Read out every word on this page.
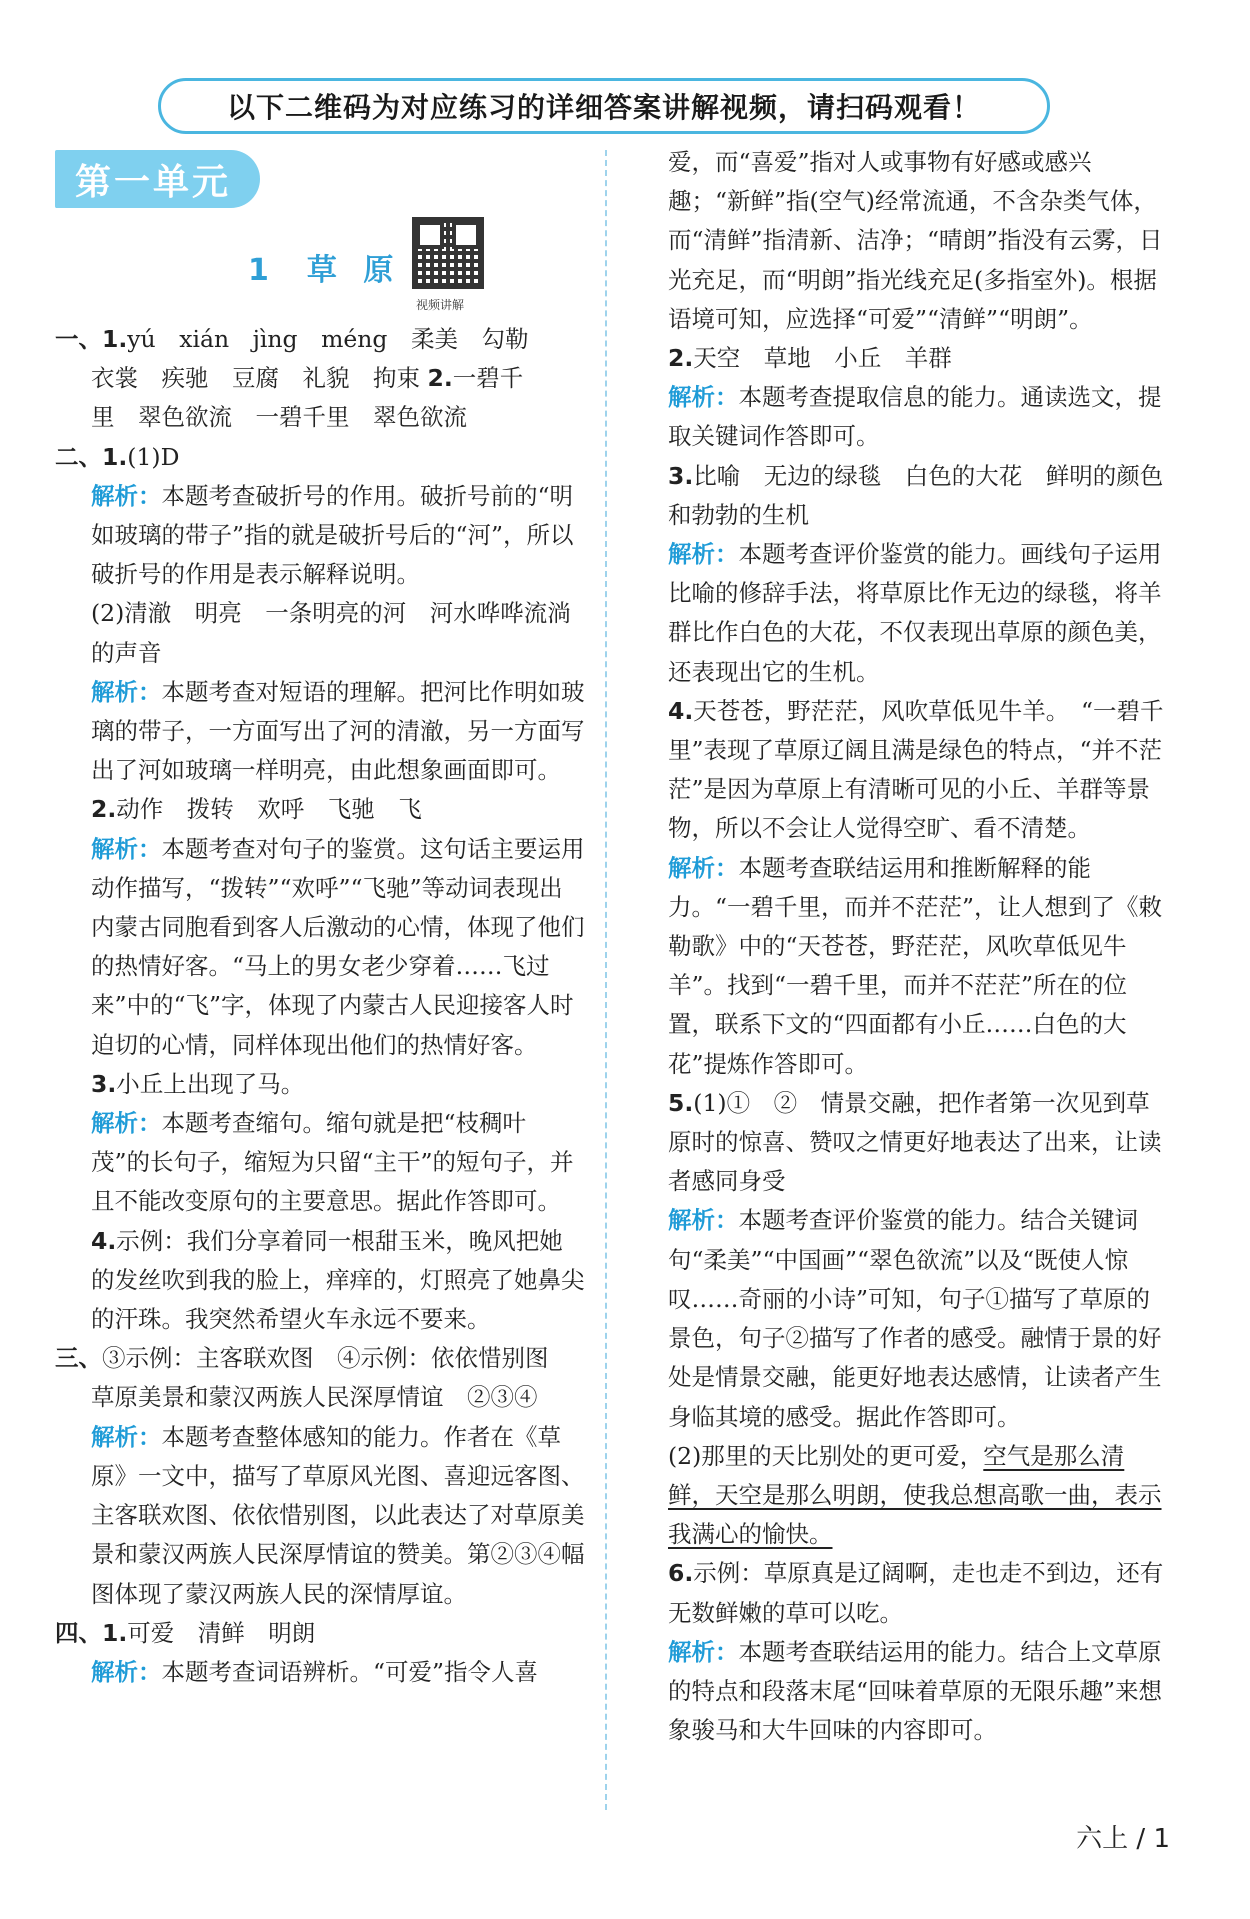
以下二维码为对应练习的详细答案讲解视频，请扫码观看！
第一单元
1 草 原
视频讲解
一、1.yú　xián　jìng　méng　柔美　勾勒
衣裳　疾驰　豆腐　礼貌　拘束 2.一碧千
里　翠色欲流　一碧千里　翠色欲流
二、1.(1)D
解析：本题考查破折号的作用。破折号前的“明如玻璃的带子”指的就是破折号后的“河”，所以破折号的作用是表示解释说明。
(2)清澈　明亮　一条明亮的河　河水哗哗流淌的声音
解析：本题考查对短语的理解。把河比作明如玻璃的带子，一方面写出了河的清澈，另一方面写出了河如玻璃一样明亮，由此想象画面即可。
2.动作　拨转　欢呼　飞驰　飞
解析：本题考查对句子的鉴赏。这句话主要运用动作描写，“拨转”“欢呼”“飞驰”等动词表现出内蒙古同胞看到客人后激动的心情，体现了他们的热情好客。“马上的男女老少穿着……飞过来”中的“飞”字，体现了内蒙古人民迎接客人时迫切的心情，同样体现出他们的热情好客。
3.小丘上出现了马。
解析：本题考查缩句。缩句就是把“枝稠叶茂”的长句子，缩短为只留“主干”的短句子，并且不能改变原句的主要意思。据此作答即可。
4.示例：我们分享着同一根甜玉米，晚风把她的发丝吹到我的脸上，痒痒的，灯照亮了她鼻尖的汗珠。我突然希望火车永远不要来。
三、③示例：主客联欢图　④示例：依依惜别图
草原美景和蒙汉两族人民深厚情谊　②③④
解析：本题考查整体感知的能力。作者在《草原》一文中，描写了草原风光图、喜迎远客图、主客联欢图、依依惜别图，以此表达了对草原美景和蒙汉两族人民深厚情谊的赞美。第②③④幅图体现了蒙汉两族人民的深情厚谊。
四、1.可爱　清鲜　明朗
解析：本题考查词语辨析。“可爱”指令人喜
爱，而“喜爱”指对人或事物有好感或感兴趣；“新鲜”指(空气)经常流通，不含杂类气体，而“清鲜”指清新、洁净；“晴朗”指没有云雾，日光充足，而“明朗”指光线充足(多指室外)。根据语境可知，应选择“可爱”“清鲜”“明朗”。
2.天空　草地　小丘　羊群
解析：本题考查提取信息的能力。通读选文，提取关键词作答即可。
3.比喻　无边的绿毯　白色的大花　鲜明的颜色和勃勃的生机
解析：本题考查评价鉴赏的能力。画线句子运用比喻的修辞手法，将草原比作无边的绿毯，将羊群比作白色的大花，不仅表现出草原的颜色美，还表现出它的生机。
4.天苍苍，野茫茫，风吹草低见牛羊。　“一碧千里”表现了草原辽阔且满是绿色的特点，“并不茫茫”是因为草原上有清晰可见的小丘、羊群等景物，所以不会让人觉得空旷、看不清楚。
解析：本题考查联结运用和推断解释的能力。“一碧千里，而并不茫茫”，让人想到了《敕勒歌》中的“天苍苍，野茫茫，风吹草低见牛羊”。找到“一碧千里，而并不茫茫”所在的位置，联系下文的“四面都有小丘……白色的大花”提炼作答即可。
5.(1)①　②　情景交融，把作者第一次见到草原时的惊喜、赞叹之情更好地表达了出来，让读者感同身受
解析：本题考查评价鉴赏的能力。结合关键词句“柔美”“中国画”“翠色欲流”以及“既使人惊叹……奇丽的小诗”可知，句子①描写了草原的景色，句子②描写了作者的感受。融情于景的好处是情景交融，能更好地表达感情，让读者产生身临其境的感受。据此作答即可。
(2)那里的天比别处的更可爱，空气是那么清鲜，天空是那么明朗，使我总想高歌一曲，表示我满心的愉快。
6.示例：草原真是辽阔啊，走也走不到边，还有无数鲜嫩的草可以吃。
解析：本题考查联结运用的能力。结合上文草原的特点和段落末尾“回味着草原的无限乐趣”来想象骏马和大牛回味的内容即可。
六上 / 1
